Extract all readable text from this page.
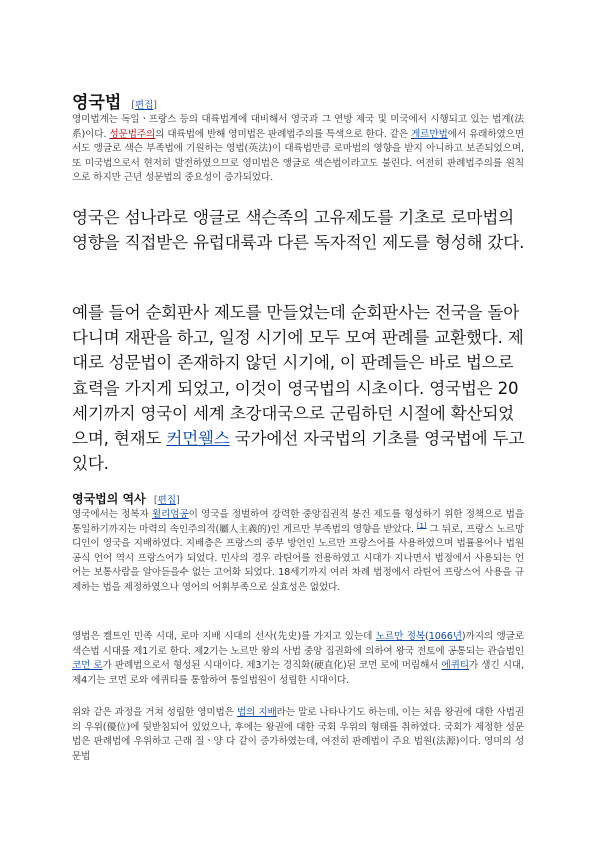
영국법 [편집]
영미법계는 독일ㆍ프랑스 등의 대륙법계에 대비해서 영국과 그 연방 제국 및 미국에서 시행되고 있는 법계(法系)이다. 성문법주의의 대륙법에 반해 영미법은 판례법주의를 특색으로 한다. 같은 게르만법에서 유래하였으면서도 앵글로 색슨 부족법에 기원하는 영법(英法)이 대륙법만큼 로마법의 영향을 받지 아니하고 보존되었으며, 또 미국법으로서 현저히 발전하였으므로 영미법은 앵글로 색슨법이라고도 불린다. 여전히 판례법주의를 원칙으로 하지만 근년 성문법의 중요성이 증가되었다.
영국은 섬나라로 앵글로 색슨족의 고유제도를 기초로 로마법의 영향을 직접받은 유럽대륙과 다른 독자적인 제도를 형성해 갔다.
예를 들어 순회판사 제도를 만들었는데 순회판사는 전국을 돌아다니며 재판을 하고, 일정 시기에 모두 모여 판례를 교환했다. 제대로 성문법이 존재하지 않던 시기에, 이 판례들은 바로 법으로 효력을 가지게 되었고, 이것이 영국법의 시초이다. 영국법은 20세기까지 영국이 세계 초강대국으로 군림하던 시절에 확산되었으며, 현재도 커먼웰스 국가에선 자국법의 기초를 영국법에 두고 있다.
영국법의 역사 [편집]
영국에서는 정복자 윌리엄공이 영국을 정벌하여 강력한 중앙집권적 봉건 제도를 형성하기 위한 정책으로 법을 통일하기까지는 마력의 속인주의적(屬人主義的)인 게르만 부족법의 영향을 받았다. [1] 그 뒤로, 프랑스 노르망디인이 영국을 지배하였다. 지배층은 프랑스의 중부 방언인 노르만 프랑스어를 사용하였으며 법률용어나 법원 공식 언어 역시 프랑스어가 되었다. 민사의 경우 라틴어를 전용하였고 시대가 지나면서 법정에서 사용되는 언어는 보통사람을 알아듣을수 없는 고어화 되었다. 18세기까지 여러 차례 법정에서 라틴어 프랑스어 사용을 규제하는 법을 제정하였으나 영어의 어휘부족으로 실효성은 없었다.
영법은 켈트인 민족 시대, 로마 지배 시대의 선사(先史)를 가지고 있는데 노르만 정복(1066년)까지의 앵글로 색슨법 시대를 제1기로 한다. 제2기는 노르만 왕의 사법 중앙 집권화에 의하여 왕국 전토에 공통되는 관습법인 코먼 로가 판례법으로서 형성된 시대이다. 제3기는 경직화(硬直化)된 코먼 로에 머림해서 에퀴티가 생긴 시대, 제4기는 코먼 로와 에퀴티를 통합하여 통일법원이 성립한 시대이다.
위와 같은 과정을 거쳐 성립한 영미법은 법의 지배라는 말로 나타나기도 하는데, 이는 처음 왕권에 대한 사법권의 우위(優位)에 뒷받침되어 있었으나, 후에는 왕권에 대한 국회 우위의 형태를 취하였다. 국회가 제정한 성문법은 판례법에 우위하고 근래 질ㆍ양 다 같이 증가하였는데, 여전히 판례법이 주요 법원(法源)이다. 영미의 성문법
